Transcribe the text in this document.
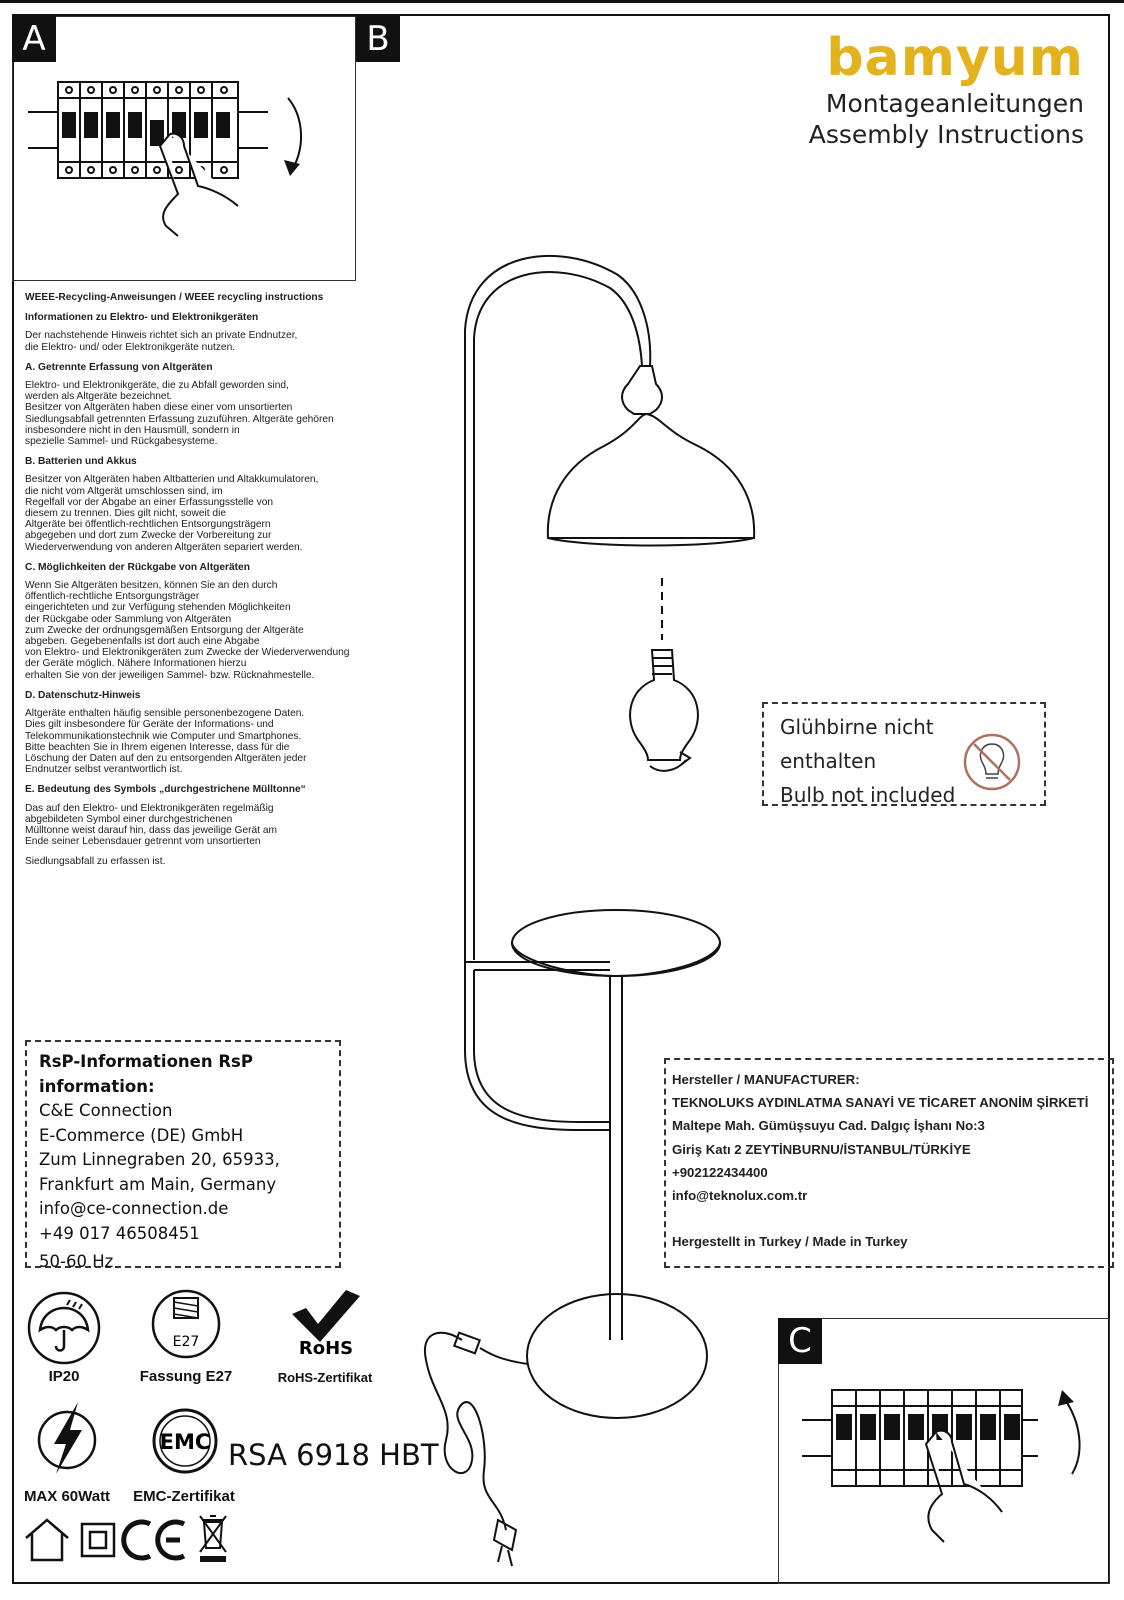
A	B	bamyum
Montageanleitungen
Assembly Instructions
WEEE-Recycling-Anweisungen / WEEE recycling instructions
Informationen zu Elektro- und Elektronikgeräten
Der nachstehende Hinweis richtet sich an private Endnutzer,
die Elektro- und/ oder Elektronikgeräte nutzen.
A. Getrennte Erfassung von Altgeräten
Elektro- und Elektronikgeräte, die zu Abfall geworden sind,
werden als Altgeräte bezeichnet.
Besitzer von Altgeräten haben diese einer vom unsortierten
Siedlungsabfall getrennten Erfassung zuzuführen. Altgeräte gehören
insbesondere nicht in den Hausmüll, sondern in
spezielle Sammel- und Rückgabesysteme.
B. Batterien und Akkus
Besitzer von Altgeräten haben Altbatterien und Altakkumulatoren,
die nicht vom Altgerät umschlossen sind, im
Regelfall vor der Abgabe an einer Erfassungsstelle von
diesem zu trennen. Dies gilt nicht, soweit die
Altgeräte bei öffentlich-rechtlichen Entsorgungsträgern
abgegeben und dort zum Zwecke der Vorbereitung zur
Wiederverwendung von anderen Altgeräten separiert werden.
C. Möglichkeiten der Rückgabe von Altgeräten
Wenn Sie Altgeräten besitzen, können Sie an den durch
öffentlich-rechtliche Entsorgungsträger
eingerichteten und zur Verfügung stehenden Möglichkeiten
der Rückgabe oder Sammlung von Altgeräten
zum Zwecke der ordnungsgemäßen Entsorgung der Altgeräte
abgeben. Gegebenenfalls ist dort auch eine Abgabe
von Elektro- und Elektronikgeräten zum Zwecke der Wiederverwendung
der Geräte möglich. Nähere Informationen hierzu
erhalten Sie von der jeweiligen Sammel- bzw. Rücknahmestelle.
D. Datenschutz-Hinweis
Altgeräte enthalten häufig sensible personenbezogene Daten.
Dies gilt insbesondere für Geräte der Informations- und
Telekommunikationstechnik wie Computer und Smartphones.
Bitte beachten Sie in Ihrem eigenen Interesse, dass für die
Löschung der Daten auf den zu entsorgenden Altgeräten jeder
Endnutzer selbst verantwortlich ist.
E. Bedeutung des Symbols „durchgestrichene Mülltonne“
Das auf den Elektro- und Elektronikgeräten regelmäßig
abgebildeten Symbol einer durchgestrichenen
Mülltonne weist darauf hin, dass das jeweilige Gerät am
Ende seiner Lebensdauer getrennt vom unsortierten
Siedlungsabfall zu erfassen ist.
Glühbirne nicht enthalten
Bulb not included
RsP-Informationen RsP information:
C&E Connection
E-Commerce (DE) GmbH
Zum Linnegraben 20, 65933,
Frankfurt am Main, Germany
info@ce-connection.de
+49 017 46508451
50-60 Hz
Hersteller / MANUFACTURER:
TEKNOLUKS AYDINLATMA SANAYİ VE TİCARET ANONİM ŞİRKETİ
Maltepe Mah. Gümüşsuyu Cad. Dalgıç İşhanı No:3
Giriş Katı 2 ZEYTİNBURNU/İSTANBUL/TÜRKİYE
+902122434400
info@teknolux.com.tr
Hergestellt in Turkey / Made in Turkey
C
IP20
E27
Fassung E27
RoHS
RoHS-Zertifikat
MAX 60Watt
EMC
EMC-Zertifikat
RSA 6918 HBT
